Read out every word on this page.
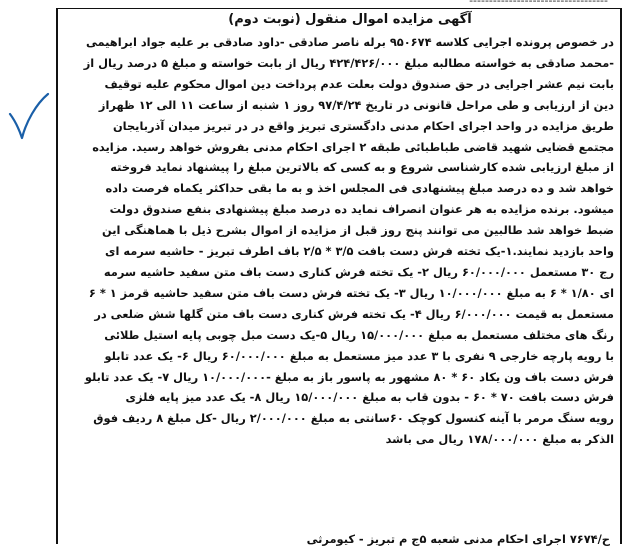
-----------------------------------
آگهی مزایده اموال منقول (نوبت دوم)
در خصوص پرونده اجرایی کلاسه ۹۵۰۶۷۴ برله ناصر صادقی -داود صادقی بر علیه جواد ابراهیمی
-محمد صادقی به خواسته مطالبه مبلغ ۴۲۴/۴۲۶/۰۰۰ ریال از بابت خواسته و مبلغ ۵ درصد ریال از
بابت نیم عشر اجرایی در حق صندوق دولت بعلت عدم پرداخت دین اموال محکوم علیه توقیف
دین از ارزیابی و طی مراحل قانونی در تاریخ ۹۷/۴/۲۴ روز ۱ شنبه از ساعت ۱۱ الی ۱۲ ظهراز
طریق مزایده در واحد اجرای احکام مدنی دادگستری تبریز واقع در در تبریز میدان آذربایجان
مجتمع قضایی شهید قاضی طباطبائی طبقه ۲ اجرای احکام مدنی بفروش خواهد رسید. مزایده
از مبلغ ارزیابی شده کارشناسی شروع و به کسی که بالاترین مبلغ را پیشنهاد نماید فروخته
خواهد شد و ده درصد مبلغ پیشنهادی فی المجلس اخذ و به ما بقی حداکثر یکماه فرصت داده
میشود. برنده مزایده به هر عنوان انصراف نماید ده درصد مبلغ پیشنهادی بنفع صندوق دولت
ضبط خواهد شد طالبین می توانند پنج روز قبل از مزایده از اموال بشرح ذیل با هماهنگی این
واحد بازدید نمایند.۱-یک تخته فرش دست بافت ۳/۵ * ۲/۵ باف اطرف تبریز - حاشیه سرمه ای
رج ۳۰ مستعمل ۶۰/۰۰۰/۰۰۰ ریال ۲- یک تخته فرش کناری دست باف متن سفید حاشیه سرمه
ای ۱/۸۰ * ۶ به مبلغ ۱۰/۰۰۰/۰۰۰ ریال ۳- یک تخته فرش دست باف متن سفید حاشیه قرمز ۱ * ۶
مستعمل به قیمت ۶/۰۰۰/۰۰۰ ریال ۴- یک تخته فرش کناری دست باف متن گلها شش ضلعی در
رنگ های مختلف مستعمل به مبلغ ۱۵/۰۰۰/۰۰۰ ریال ۵-یک دست مبل چوبی پایه استیل طلائی
با رویه پارچه خارجی ۹ نفری با ۳ عدد میز مستعمل به مبلغ ۶۰/۰۰۰/۰۰۰ ریال ۶- یک عدد تابلو
فرش دست باف ون یکاد ۶۰ * ۸۰ مشهور به پاسور باز به مبلغ -۱۰/۰۰۰/۰۰۰ ریال ۷- یک عدد تابلو
فرش دست بافت ۷۰ * ۶۰ - بدون قاب به مبلغ ۱۵/۰۰۰/۰۰۰ ریال ۸- یک عدد میز پایه فلزی
رویه سنگ مرمر با آینه کنسول کوچک ۶۰سانتی به مبلغ ۲/۰۰۰/۰۰۰ ریال -کل مبلغ ۸ ردیف فوق
الذکر به مبلغ ۱۷۸/۰۰۰/۰۰۰ ریال می باشد
ح/۷۶۷۴ اجرای احکام مدنی شعبه ۵ج م تبریز - کیومرثی
